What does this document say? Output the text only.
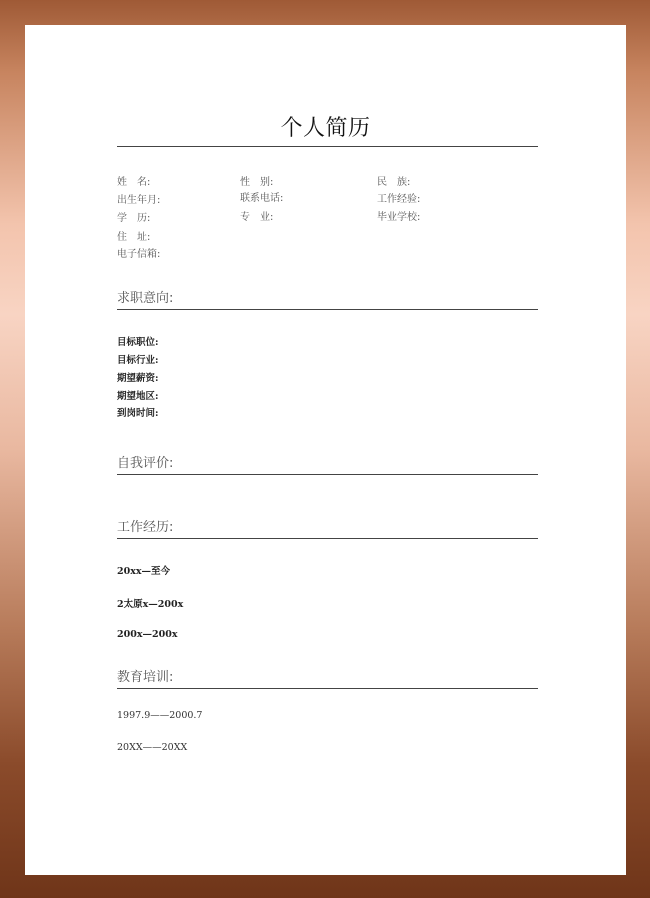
个人简历
姓　名:	性　别:	民　族:
出生年月:	联系电话:	工作经验:
学　历:	专　业:	毕业学校:
住　址:
电子信箱:
求职意向:
目标职位:
目标行业:
期望薪资:
期望地区:
到岗时间:
自我评价:
工作经历:
20xx—至今
2太原x—200x
200x—200x
教育培训:
1997.9——2000.7
20XX——20XX
